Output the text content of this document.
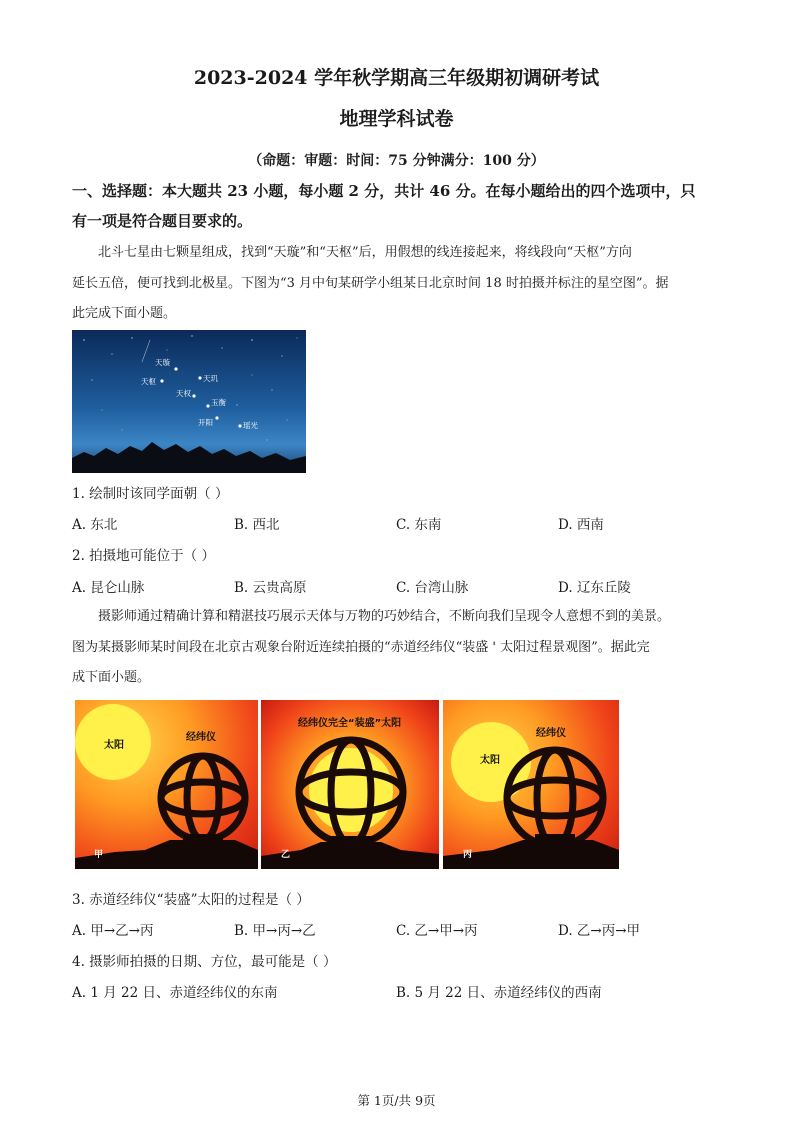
2023-2024 学年秋学期高三年级期初调研考试
地理学科试卷
（命题：审题：时间：75 分钟满分：100 分）
一、选择题：本大题共 23 小题，每小题 2 分，共计 46 分。在每小题给出的四个选项中，只
有一项是符合题目要求的。
北斗七星由七颗星组成，找到“天璇”和“天枢”后，用假想的线连接起来，将线段向“天枢”方向
延长五倍，便可找到北极星。下图为“3 月中旬某研学小组某日北京时间 18 时拍摄并标注的星空图”。据
此完成下面小题。
天璇
天枢	天玑
天权
玉衡
开阳	瑶光
1. 绘制时该同学面朝（ ）
A. 东北	B. 西北	C. 东南	D. 西南
2. 拍摄地可能位于（ ）
A. 昆仑山脉	B. 云贵高原	C. 台湾山脉	D. 辽东丘陵
摄影师通过精确计算和精湛技巧展示天体与万物的巧妙结合，不断向我们呈现令人意想不到的美景。
图为某摄影师某时间段在北京古观象台附近连续拍摄的“赤道经纬仪“装盛 ' 太阳过程景观图”。据此完
成下面小题。
太阳
经纬仪
甲
经纬仪完全“装盛”太阳
乙
太阳
经纬仪
丙
3. 赤道经纬仪“装盛”太阳的过程是（ ）
A. 甲→乙→丙	B. 甲→丙→乙	C. 乙→甲→丙	D. 乙→丙→甲
4. 摄影师拍摄的日期、方位，最可能是（ ）
A. 1 月 22 日、赤道经纬仪的东南	B. 5 月 22 日、赤道经纬仪的西南
第 1页/共 9页
